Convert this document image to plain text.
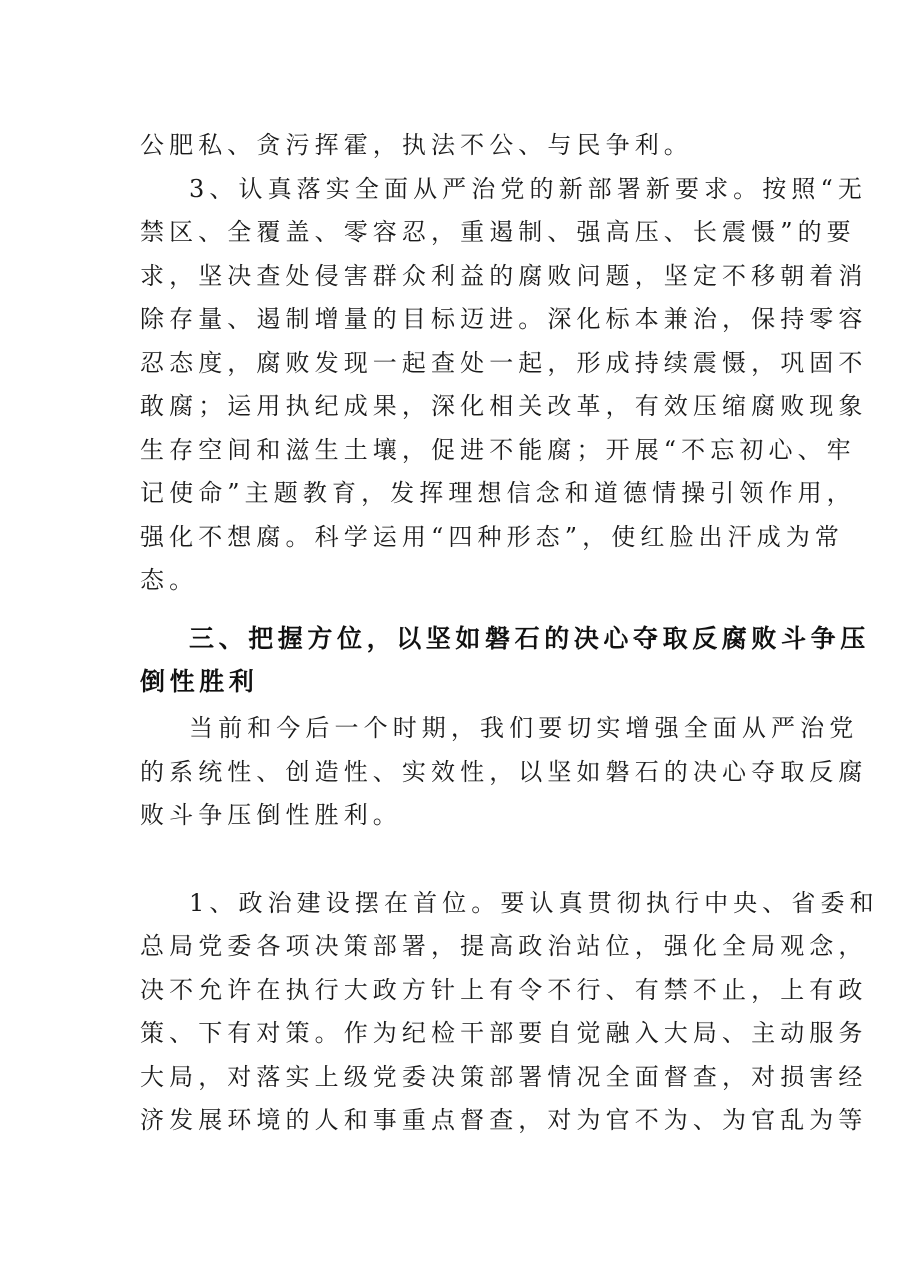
公肥私、贪污挥霍，执法不公、与民争利。
3、认真落实全面从严治党的新部署新要求。按照“无
禁区、全覆盖、零容忍，重遏制、强高压、长震慑”的要
求，坚决查处侵害群众利益的腐败问题，坚定不移朝着消
除存量、遏制增量的目标迈进。深化标本兼治，保持零容
忍态度，腐败发现一起查处一起，形成持续震慑，巩固不
敢腐；运用执纪成果，深化相关改革，有效压缩腐败现象
生存空间和滋生土壤，促进不能腐；开展“不忘初心、牢
记使命”主题教育，发挥理想信念和道德情操引领作用，
强化不想腐。科学运用“四种形态”，使红脸出汗成为常
态。
三、把握方位，以坚如磐石的决心夺取反腐败斗争压
倒性胜利
当前和今后一个时期，我们要切实增强全面从严治党
的系统性、创造性、实效性，以坚如磐石的决心夺取反腐
败斗争压倒性胜利。
1、政治建设摆在首位。要认真贯彻执行中央、省委和
总局党委各项决策部署，提高政治站位，强化全局观念，
决不允许在执行大政方针上有令不行、有禁不止，上有政
策、下有对策。作为纪检干部要自觉融入大局、主动服务
大局，对落实上级党委决策部署情况全面督查，对损害经
济发展环境的人和事重点督查，对为官不为、为官乱为等
